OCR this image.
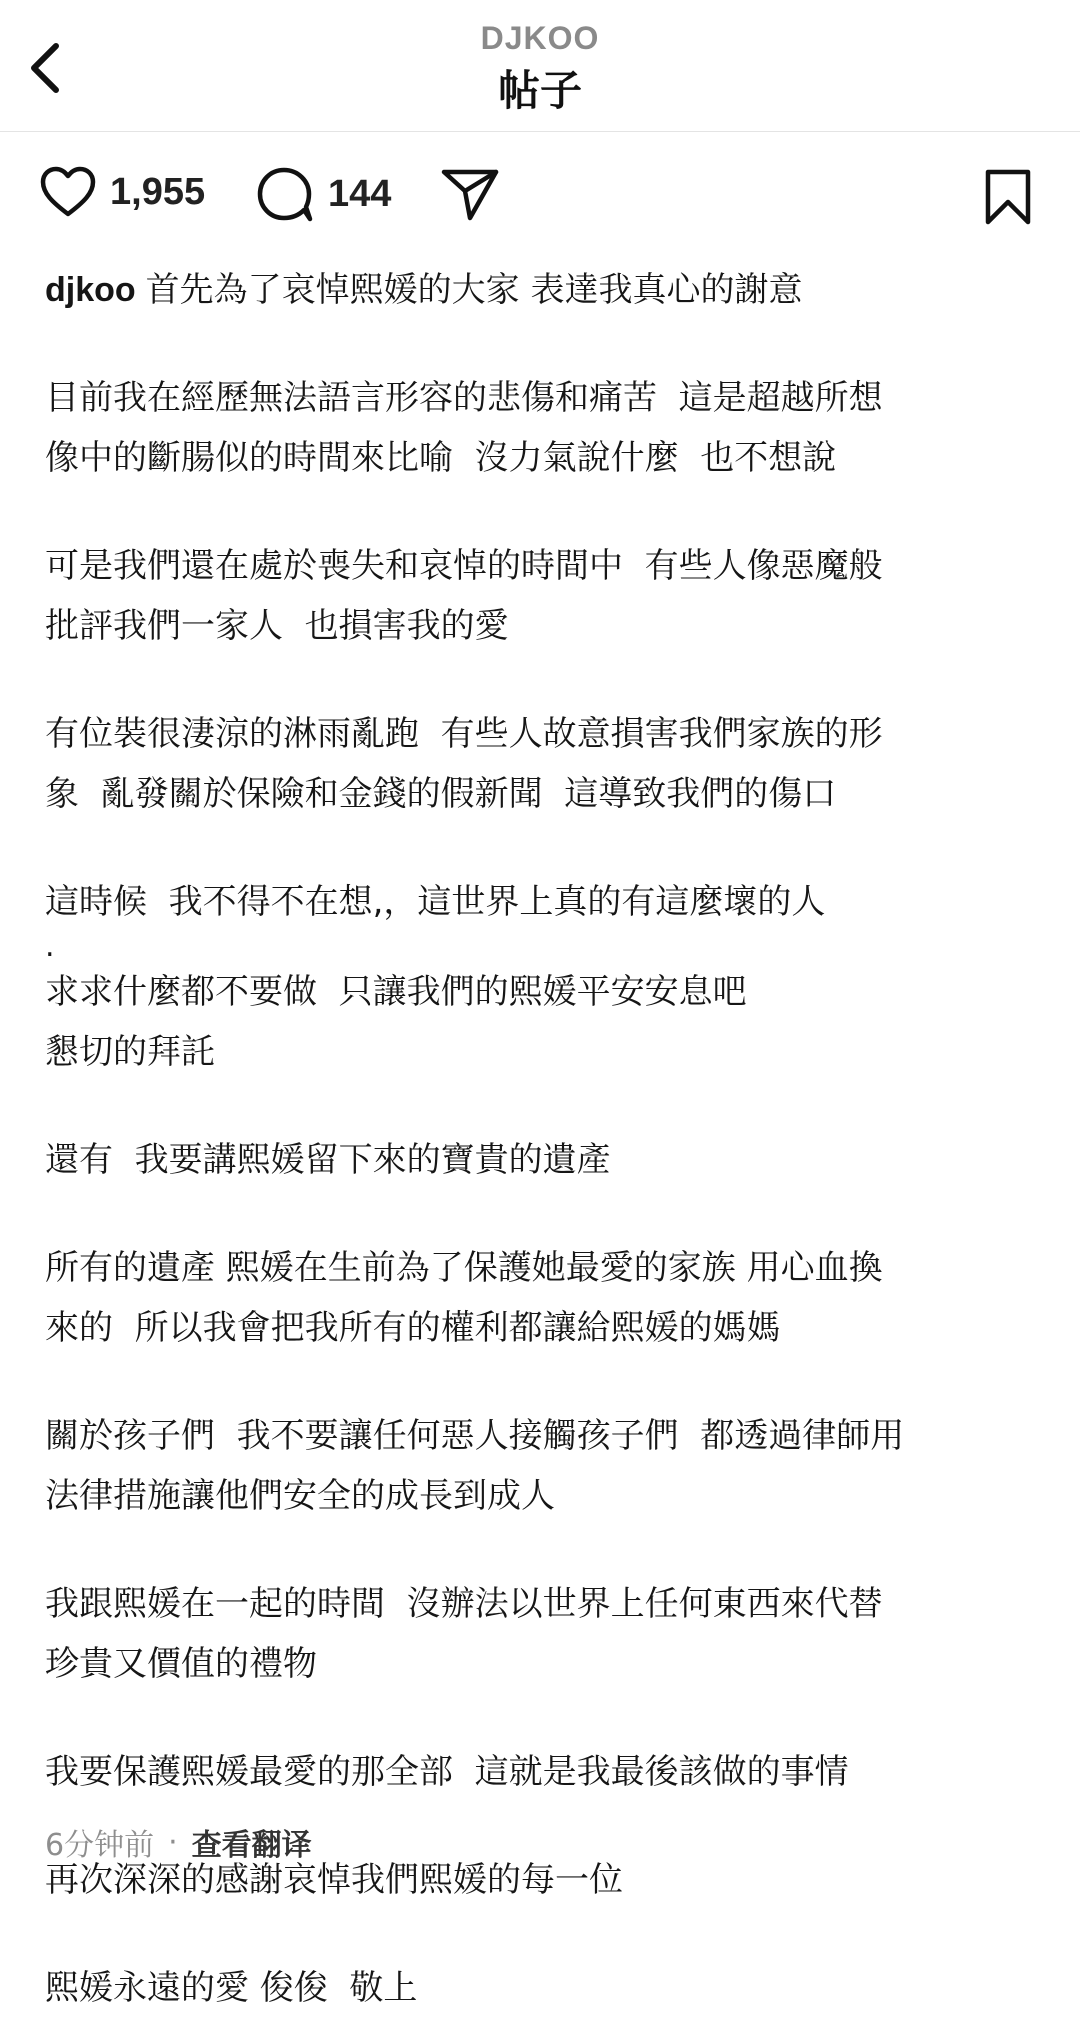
DJKOO
帖子
1,955	144

djkoo 首先為了哀悼熙媛的大家 表達我真心的謝意

目前我在經歷無法語言形容的悲傷和痛苦  這是超越所想

像中的斷腸似的時間來比喻  沒力氣說什麼  也不想說

可是我們還在處於喪失和哀悼的時間中  有些人像惡魔般

批評我們一家人  也損害我的愛

有位裝很淒涼的淋雨亂跑  有些人故意損害我們家族的形

象  亂發關於保險和金錢的假新聞  這導致我們的傷口

這時候  我不得不在想,，這世界上真的有這麼壞的人

.

求求什麼都不要做  只讓我們的熙媛平安安息吧

懇切的拜託

還有  我要講熙媛留下來的寶貴的遺產

所有的遺產 熙媛在生前為了保護她最愛的家族 用心血換

來的  所以我會把我所有的權利都讓給熙媛的媽媽

關於孩子們  我不要讓任何惡人接觸孩子們  都透過律師用

法律措施讓他們安全的成長到成人

我跟熙媛在一起的時間  沒辦法以世界上任何東西來代替

珍貴又價值的禮物

我要保護熙媛最愛的那全部  這就是我最後該做的事情

再次深深的感謝哀悼我們熙媛的每一位

熙媛永遠的愛 俊俊  敬上

6分钟前 · 查看翻译
